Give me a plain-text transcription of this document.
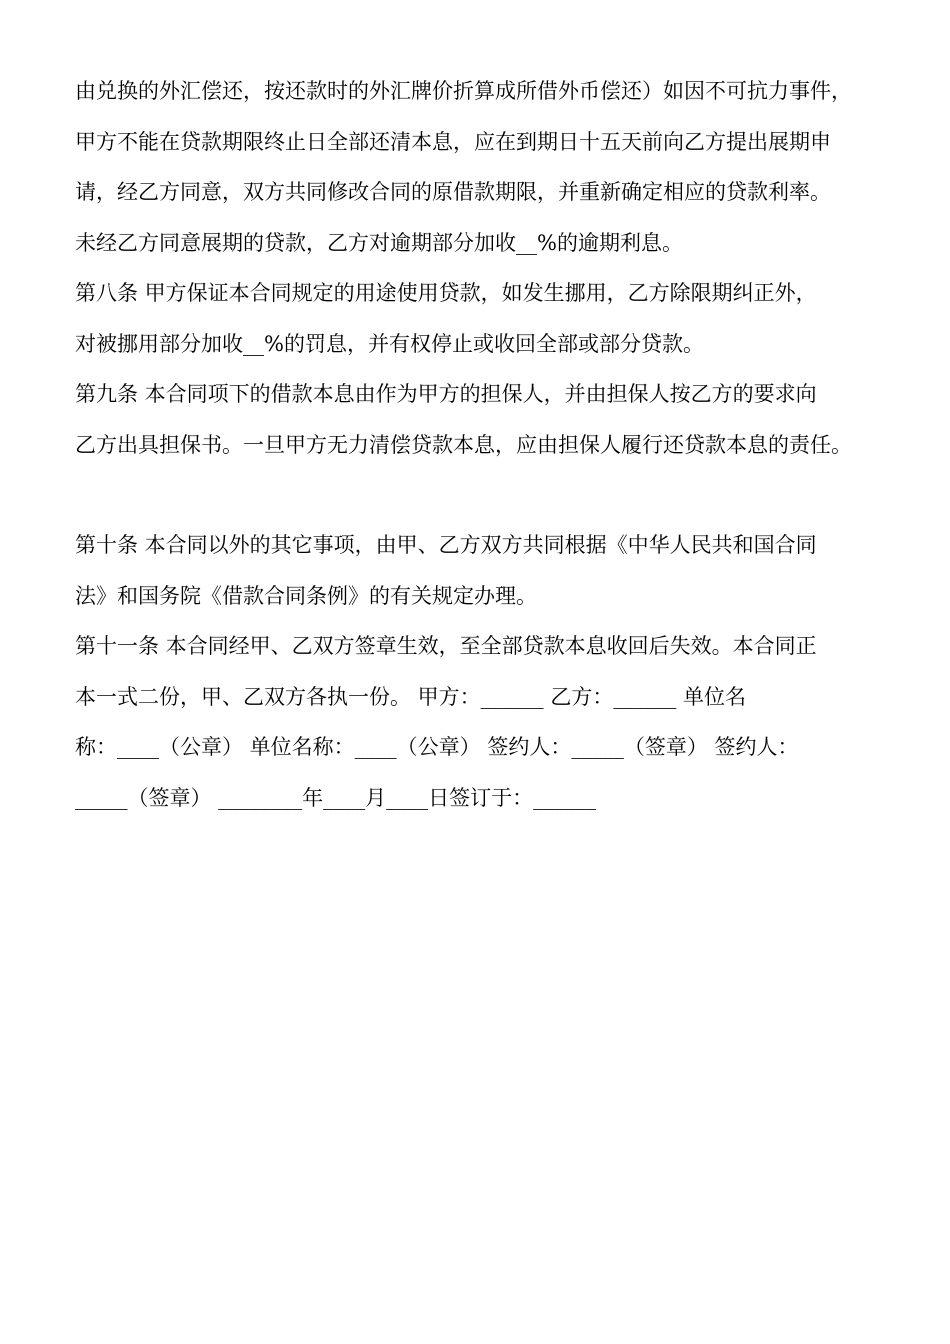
由兑换的外汇偿还，按还款时的外汇牌价折算成所借外币偿还）如因不可抗力事件，
甲方不能在贷款期限终止日全部还清本息，应在到期日十五天前向乙方提出展期申
请，经乙方同意，双方共同修改合同的原借款期限，并重新确定相应的贷款利率。
未经乙方同意展期的贷款，乙方对逾期部分加收__%的逾期利息。
第八条 甲方保证本合同规定的用途使用贷款，如发生挪用，乙方除限期纠正外，
对被挪用部分加收__%的罚息，并有权停止或收回全部或部分贷款。
第九条 本合同项下的借款本息由作为甲方的担保人，并由担保人按乙方的要求向
乙方出具担保书。一旦甲方无力清偿贷款本息，应由担保人履行还贷款本息的责任。
第十条 本合同以外的其它事项，由甲、乙方双方共同根据《中华人民共和国合同
法》和国务院《借款合同条例》的有关规定办理。
第十一条 本合同经甲、乙双方签章生效，至全部贷款本息收回后失效。本合同正
本一式二份，甲、乙双方各执一份。 甲方：______ 乙方：______ 单位名
称：____（公章） 单位名称：____（公章） 签约人：_____（签章） 签约人：
_____（签章） ________年____月____日签订于：______
